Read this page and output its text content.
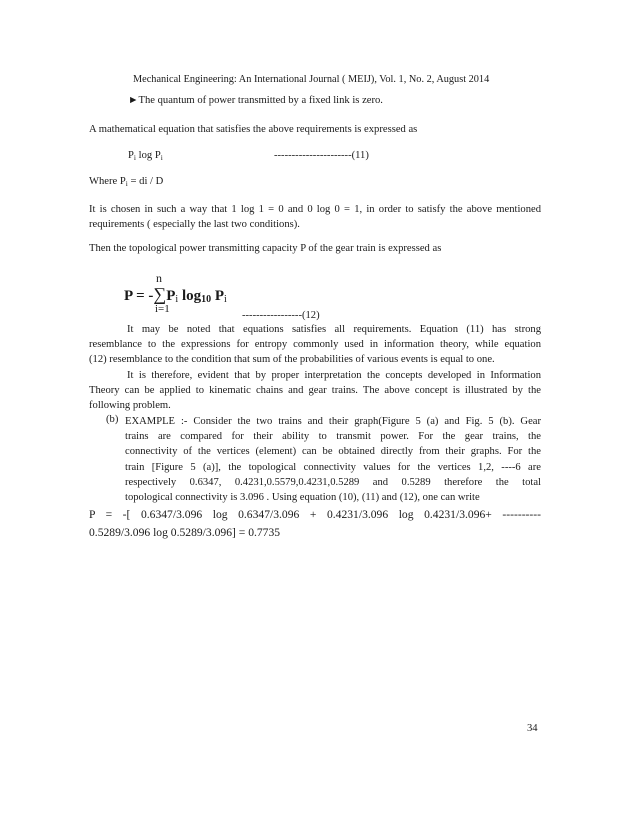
Mechanical Engineering: An International Journal ( MEIJ), Vol. 1, No. 2, August 2014
►The quantum of power transmitted by a fixed link is zero.
A mathematical equation that satisfies the above requirements is expressed as
$P_i$ $\log P_i$	----------------------(11)
Where $P_i$ = di / D
It is chosen in such a way that 1 log 1 = 0 and 0 log 0 = 1, in order to satisfy the above mentioned
requirements ( especially the last two conditions).
Then the topological power transmitting capacity P of the gear train is expressed as
n
$P = -\sum P_i$ $\log_{10} P_i$
i=1
-----------------(12)
It may be noted that equations satisfies all requirements. Equation (11) has strong
resemblance to the expressions for entropy commonly used in information theory, while equation
(12) resemblance to the condition that sum of the probabilities of various events is equal to one.
It is therefore, evident that by proper interpretation the concepts developed in Information
Theory can be applied to kinematic chains and gear trains. The above concept is illustrated by the
following problem.
(b) EXAMPLE :- Consider the two trains and their graph(Figure 5 (a) and Fig. 5 (b). Gear
trains are compared for their ability to transmit power. For the gear trains, the
connectivity of the vertices (element) can be obtained directly from their graphs. For the
train [Figure 5 (a)], the topological connectivity values for the vertices 1,2, ----6 are
respectively 0.6347, 0.4231,0.5579,0.4231,0.5289 and 0.5289 therefore the total
topological connectivity is 3.096 . Using equation (10), (11) and (12), one can write
P = -[ 0.6347/3.096 log 0.6347/3.096 + 0.4231/3.096 log 0.4231/3.096+ ----------
0.5289/3.096 log 0.5289/3.096] = 0.7735
34
